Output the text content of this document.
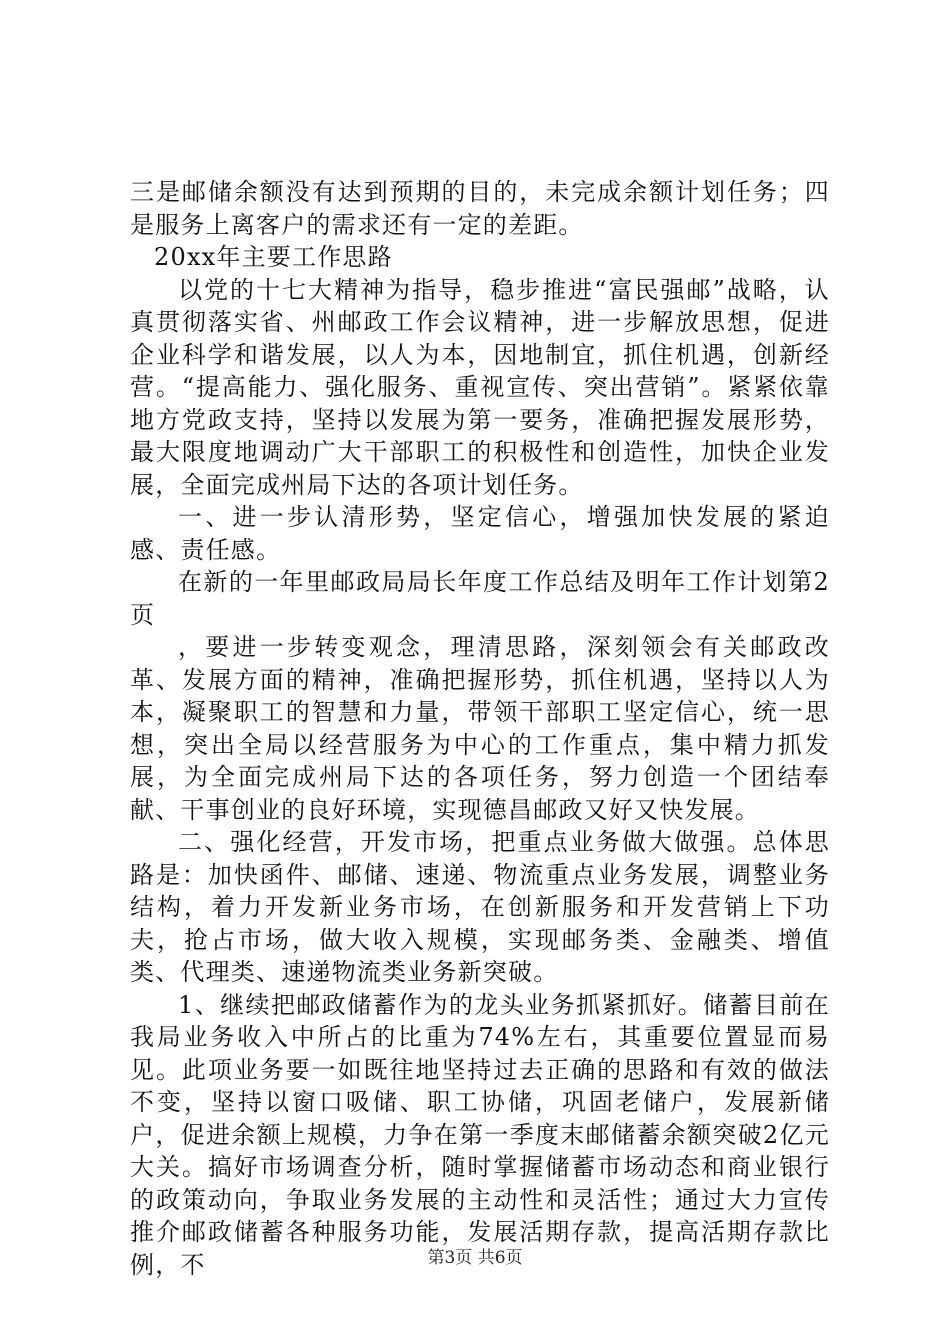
三是邮储余额没有达到预期的目的，未完成余额计划任务；四是服务上离客户的需求还有一定的差距。

20xx年主要工作思路

以党的十七大精神为指导，稳步推进“富民强邮”战略，认真贯彻落实省、州邮政工作会议精神，进一步解放思想，促进企业科学和谐发展，以人为本，因地制宜，抓住机遇，创新经营。“提高能力、强化服务、重视宣传、突出营销”。紧紧依靠地方党政支持，坚持以发展为第一要务，准确把握发展形势，最大限度地调动广大干部职工的积极性和创造性，加快企业发展，全面完成州局下达的各项计划任务。

一、进一步认清形势，坚定信心，增强加快发展的紧迫感、责任感。

在新的一年里邮政局局长年度工作总结及明年工作计划第2页

，要进一步转变观念，理清思路，深刻领会有关邮政改革、发展方面的精神，准确把握形势，抓住机遇，坚持以人为本，凝聚职工的智慧和力量，带领干部职工坚定信心，统一思想，突出全局以经营服务为中心的工作重点，集中精力抓发展，为全面完成州局下达的各项任务，努力创造一个团结奉献、干事创业的良好环境，实现德昌邮政又好又快发展。

二、强化经营，开发市场，把重点业务做大做强。总体思路是：加快函件、邮储、速递、物流重点业务发展，调整业务结构，着力开发新业务市场，在创新服务和开发营销上下功夫，抢占市场，做大收入规模，实现邮务类、金融类、增值类、代理类、速递物流类业务新突破。

1、继续把邮政储蓄作为的龙头业务抓紧抓好。储蓄目前在我局业务收入中所占的比重为74%左右，其重要位置显而易见。此项业务要一如既往地坚持过去正确的思路和有效的做法不变，坚持以窗口吸储、职工协储，巩固老储户，发展新储户，促进余额上规模，力争在第一季度末邮储蓄余额突破2亿元大关。搞好市场调查分析，随时掌握储蓄市场动态和商业银行的政策动向，争取业务发展的主动性和灵活性；通过大力宣传推介邮政储蓄各种服务功能，发展活期存款，提高活期存款比例，不	第3页 共6页
